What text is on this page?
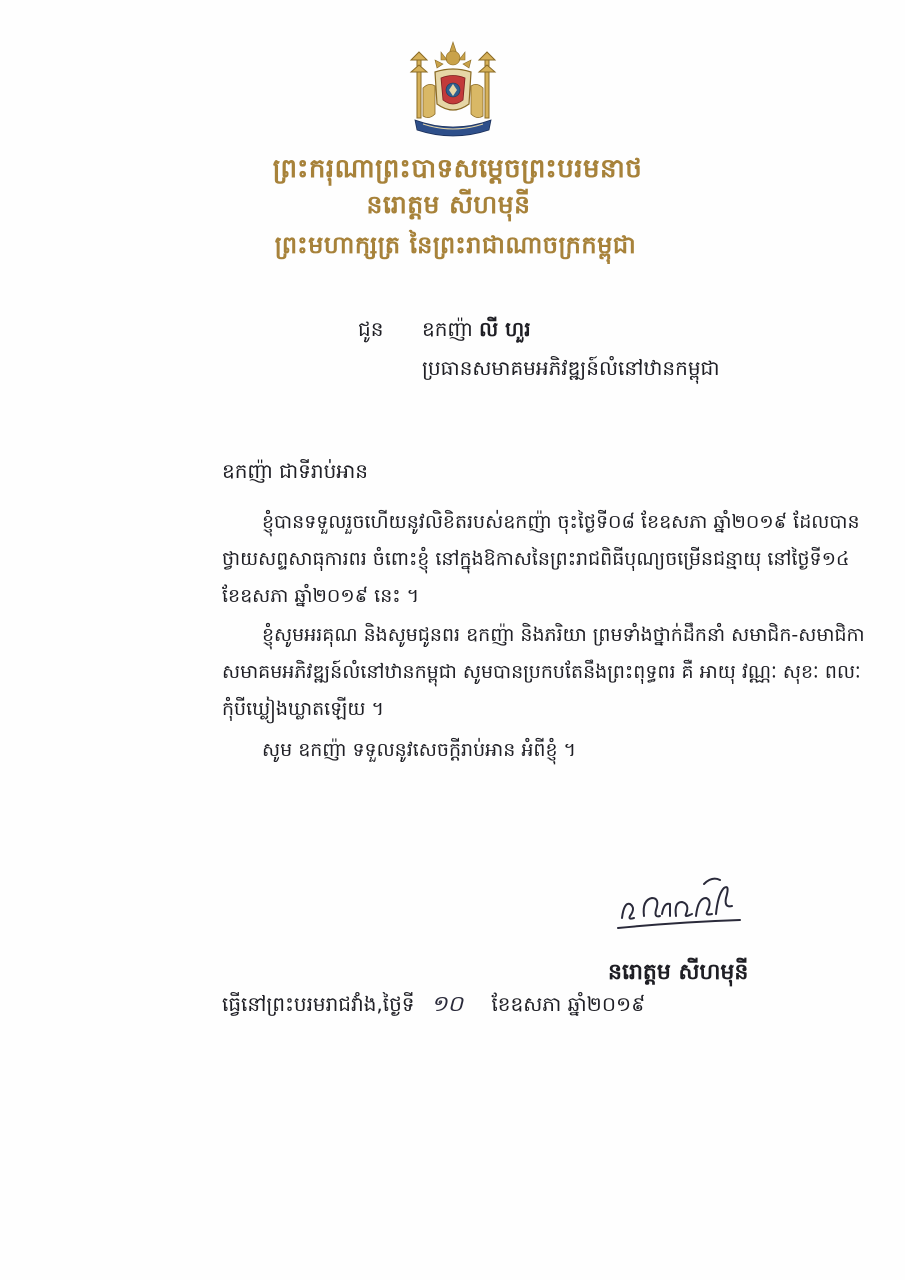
ព្រះករុណាព្រះបាទសម្តេចព្រះបរមនាថ
នរោត្តម សីហមុនី
ព្រះមហាក្សត្រ នៃព្រះរាជាណាចក្រកម្ពុជា
ជូន ឧកញ៉ា លី ហួរ
ប្រធានសមាគមអភិវឌ្ឍន៍លំនៅឋានកម្ពុជា
ឧកញ៉ា ជាទីរាប់អាន
ខ្ញុំបានទទួលរួចហើយនូវលិខិតរបស់ឧកញ៉ា ចុះថ្ងៃទី០៨ ខែឧសភា ឆ្នាំ២០១៩ ដែលបាន
ថ្វាយសព្ទសាធុការពរ ចំពោះខ្ញុំ នៅក្នុងឱកាសនៃព្រះរាជពិធីបុណ្យចម្រើនជន្មាយុ នៅថ្ងៃទី១៤
ខែឧសភា ឆ្នាំ២០១៩ នេះ ។
ខ្ញុំសូមអរគុណ និងសូមជូនពរ ឧកញ៉ា និងភរិយា ព្រមទាំងថ្នាក់ដឹកនាំ សមាជិក-សមាជិកា
សមាគមអភិវឌ្ឍន៍លំនៅឋានកម្ពុជា សូមបានប្រកបតែនឹងព្រះពុទ្ធពរ គឺ អាយុ វណ្ណៈ សុខៈ ពលៈ
កុំបីឃ្លៀងឃ្លាតឡើយ ។
សូម ឧកញ៉ា ទទួលនូវសេចក្តីរាប់អាន អំពីខ្ញុំ ។
នរោត្តម សីហមុនី
ធ្វើនៅព្រះបរមរាជវាំង,ថ្ងៃទី ១០ ខែឧសភា ឆ្នាំ២០១៩
